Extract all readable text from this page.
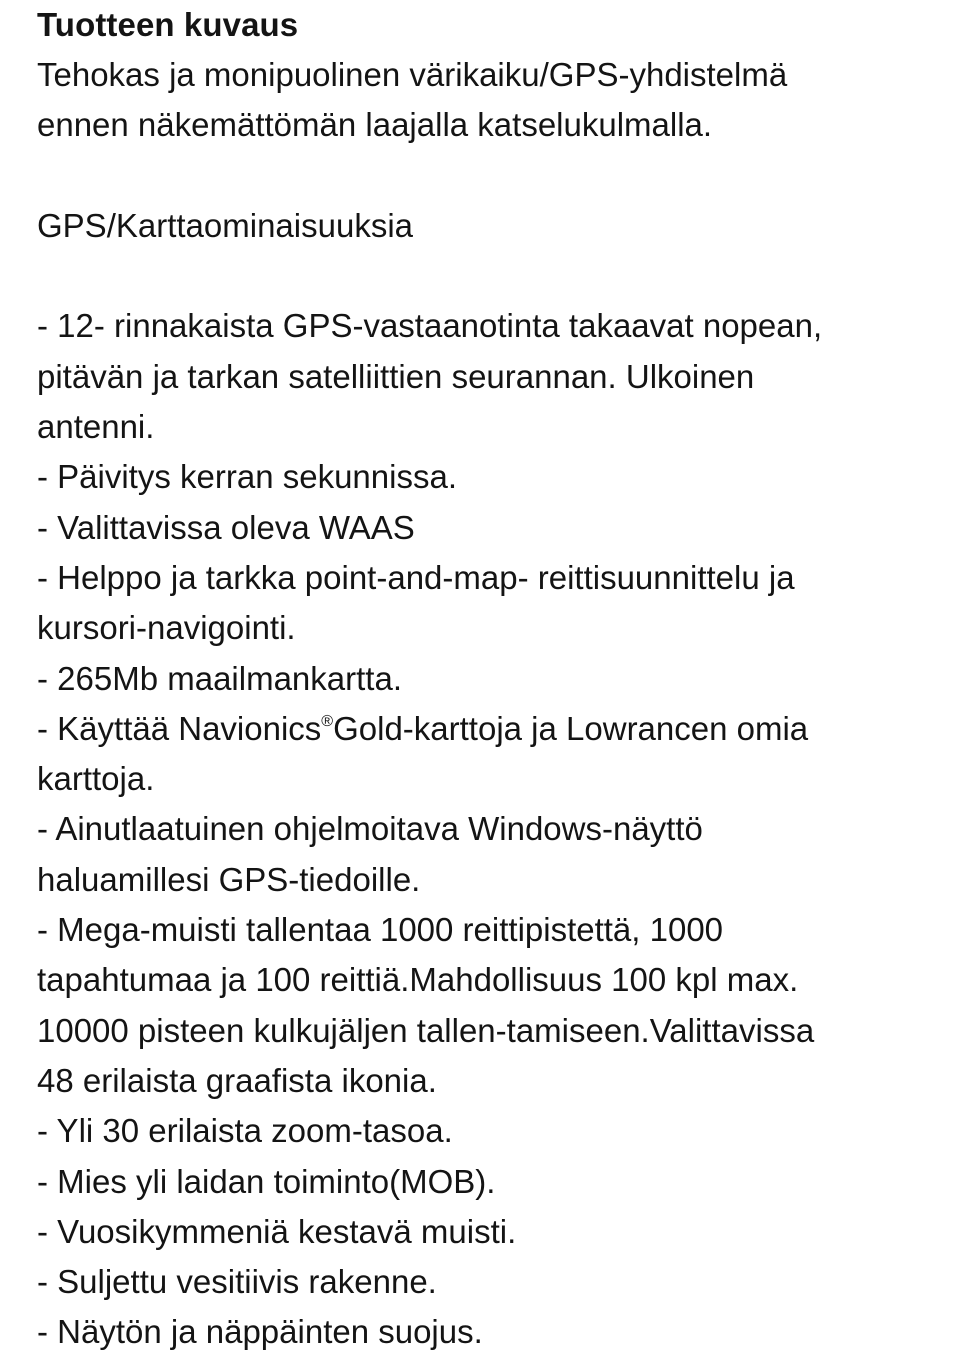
Tuotteen kuvaus
Tehokas ja monipuolinen värikaiku/GPS-yhdistelmä
ennen näkemättömän laajalla katselukulmalla.
GPS/Karttaominaisuuksia
- 12- rinnakaista GPS-vastaanotinta takaavat nopean,
pitävän ja tarkan satelliittien seurannan. Ulkoinen
antenni.
- Päivitys kerran sekunnissa.
- Valittavissa oleva WAAS
- Helppo ja tarkka point-and-map- reittisuunnittelu ja
kursori-navigointi.
- 265Mb maailmankartta.
- Käyttää Navionics®Gold-karttoja ja Lowrancen omia
karttoja.
- Ainutlaatuinen ohjelmoitava Windows-näyttö
haluamillesi GPS-tiedoille.
- Mega-muisti tallentaa 1000 reittipistettä, 1000
tapahtumaa ja 100 reittiä.Mahdollisuus 100 kpl max.
10000 pisteen kulkujäljen tallen-tamiseen.Valittavissa
48 erilaista graafista ikonia.
- Yli 30 erilaista zoom-tasoa.
- Mies yli laidan toiminto(MOB).
- Vuosikymmeniä kestavä muisti.
- Suljettu vesitiivis rakenne.
- Näytön ja näppäinten suojus.
